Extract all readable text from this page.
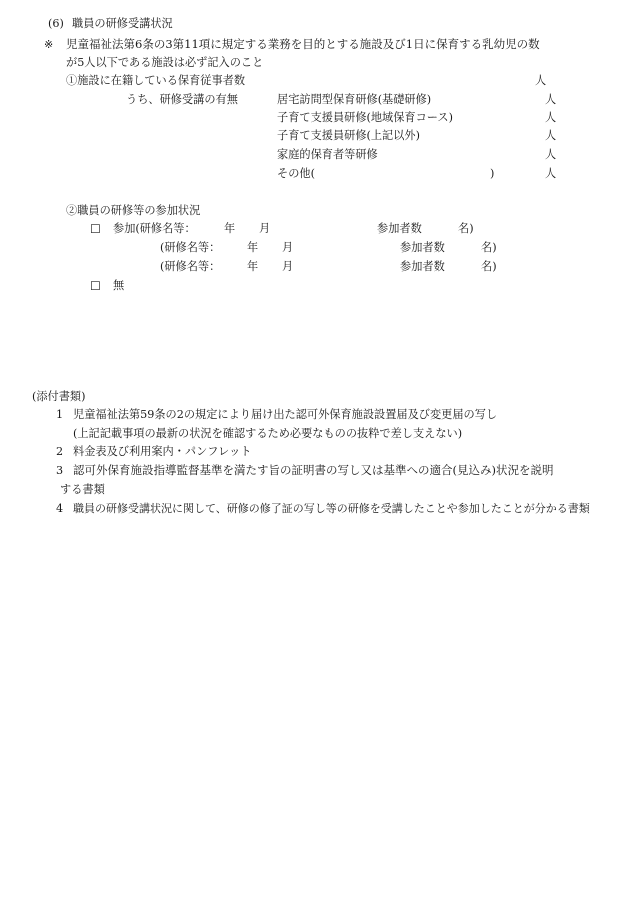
(6) 職員の研修受講状況
※ 児童福祉法第6条の3第11項に規定する業務を目的とする施設及び1日に保育する乳幼児の数
が5人以下である施設は必ず記入のこと
①施設に在籍している保育従事者数	人
うち、研修受講の有無	居宅訪問型保育研修(基礎研修)	人
子育て支援員研修(地域保育コース)	人
子育て支援員研修(上記以外)	人
家庭的保育者等研修	人
その他(	)	人
②職員の研修等の参加状況
☐ 参加(研修名等：	年 月	参加者数	名)
(研修名等： 年 月	参加者数	名)
(研修名等： 年 月	参加者数	名)
☐ 無
(添付書類)
1 児童福祉法第59条の2の規定により届け出た認可外保育施設設置届及び変更届の写し
(上記記載事項の最新の状況を確認するため必要なものの抜粋で差し支えない)
2 料金表及び利用案内・パンフレット
3 認可外保育施設指導監督基準を満たす旨の証明書の写し又は基準への適合(見込み)状況を説明
する書類
4 職員の研修受講状況に関して、研修の修了証の写し等の研修を受講したことや参加したことが分かる書類
